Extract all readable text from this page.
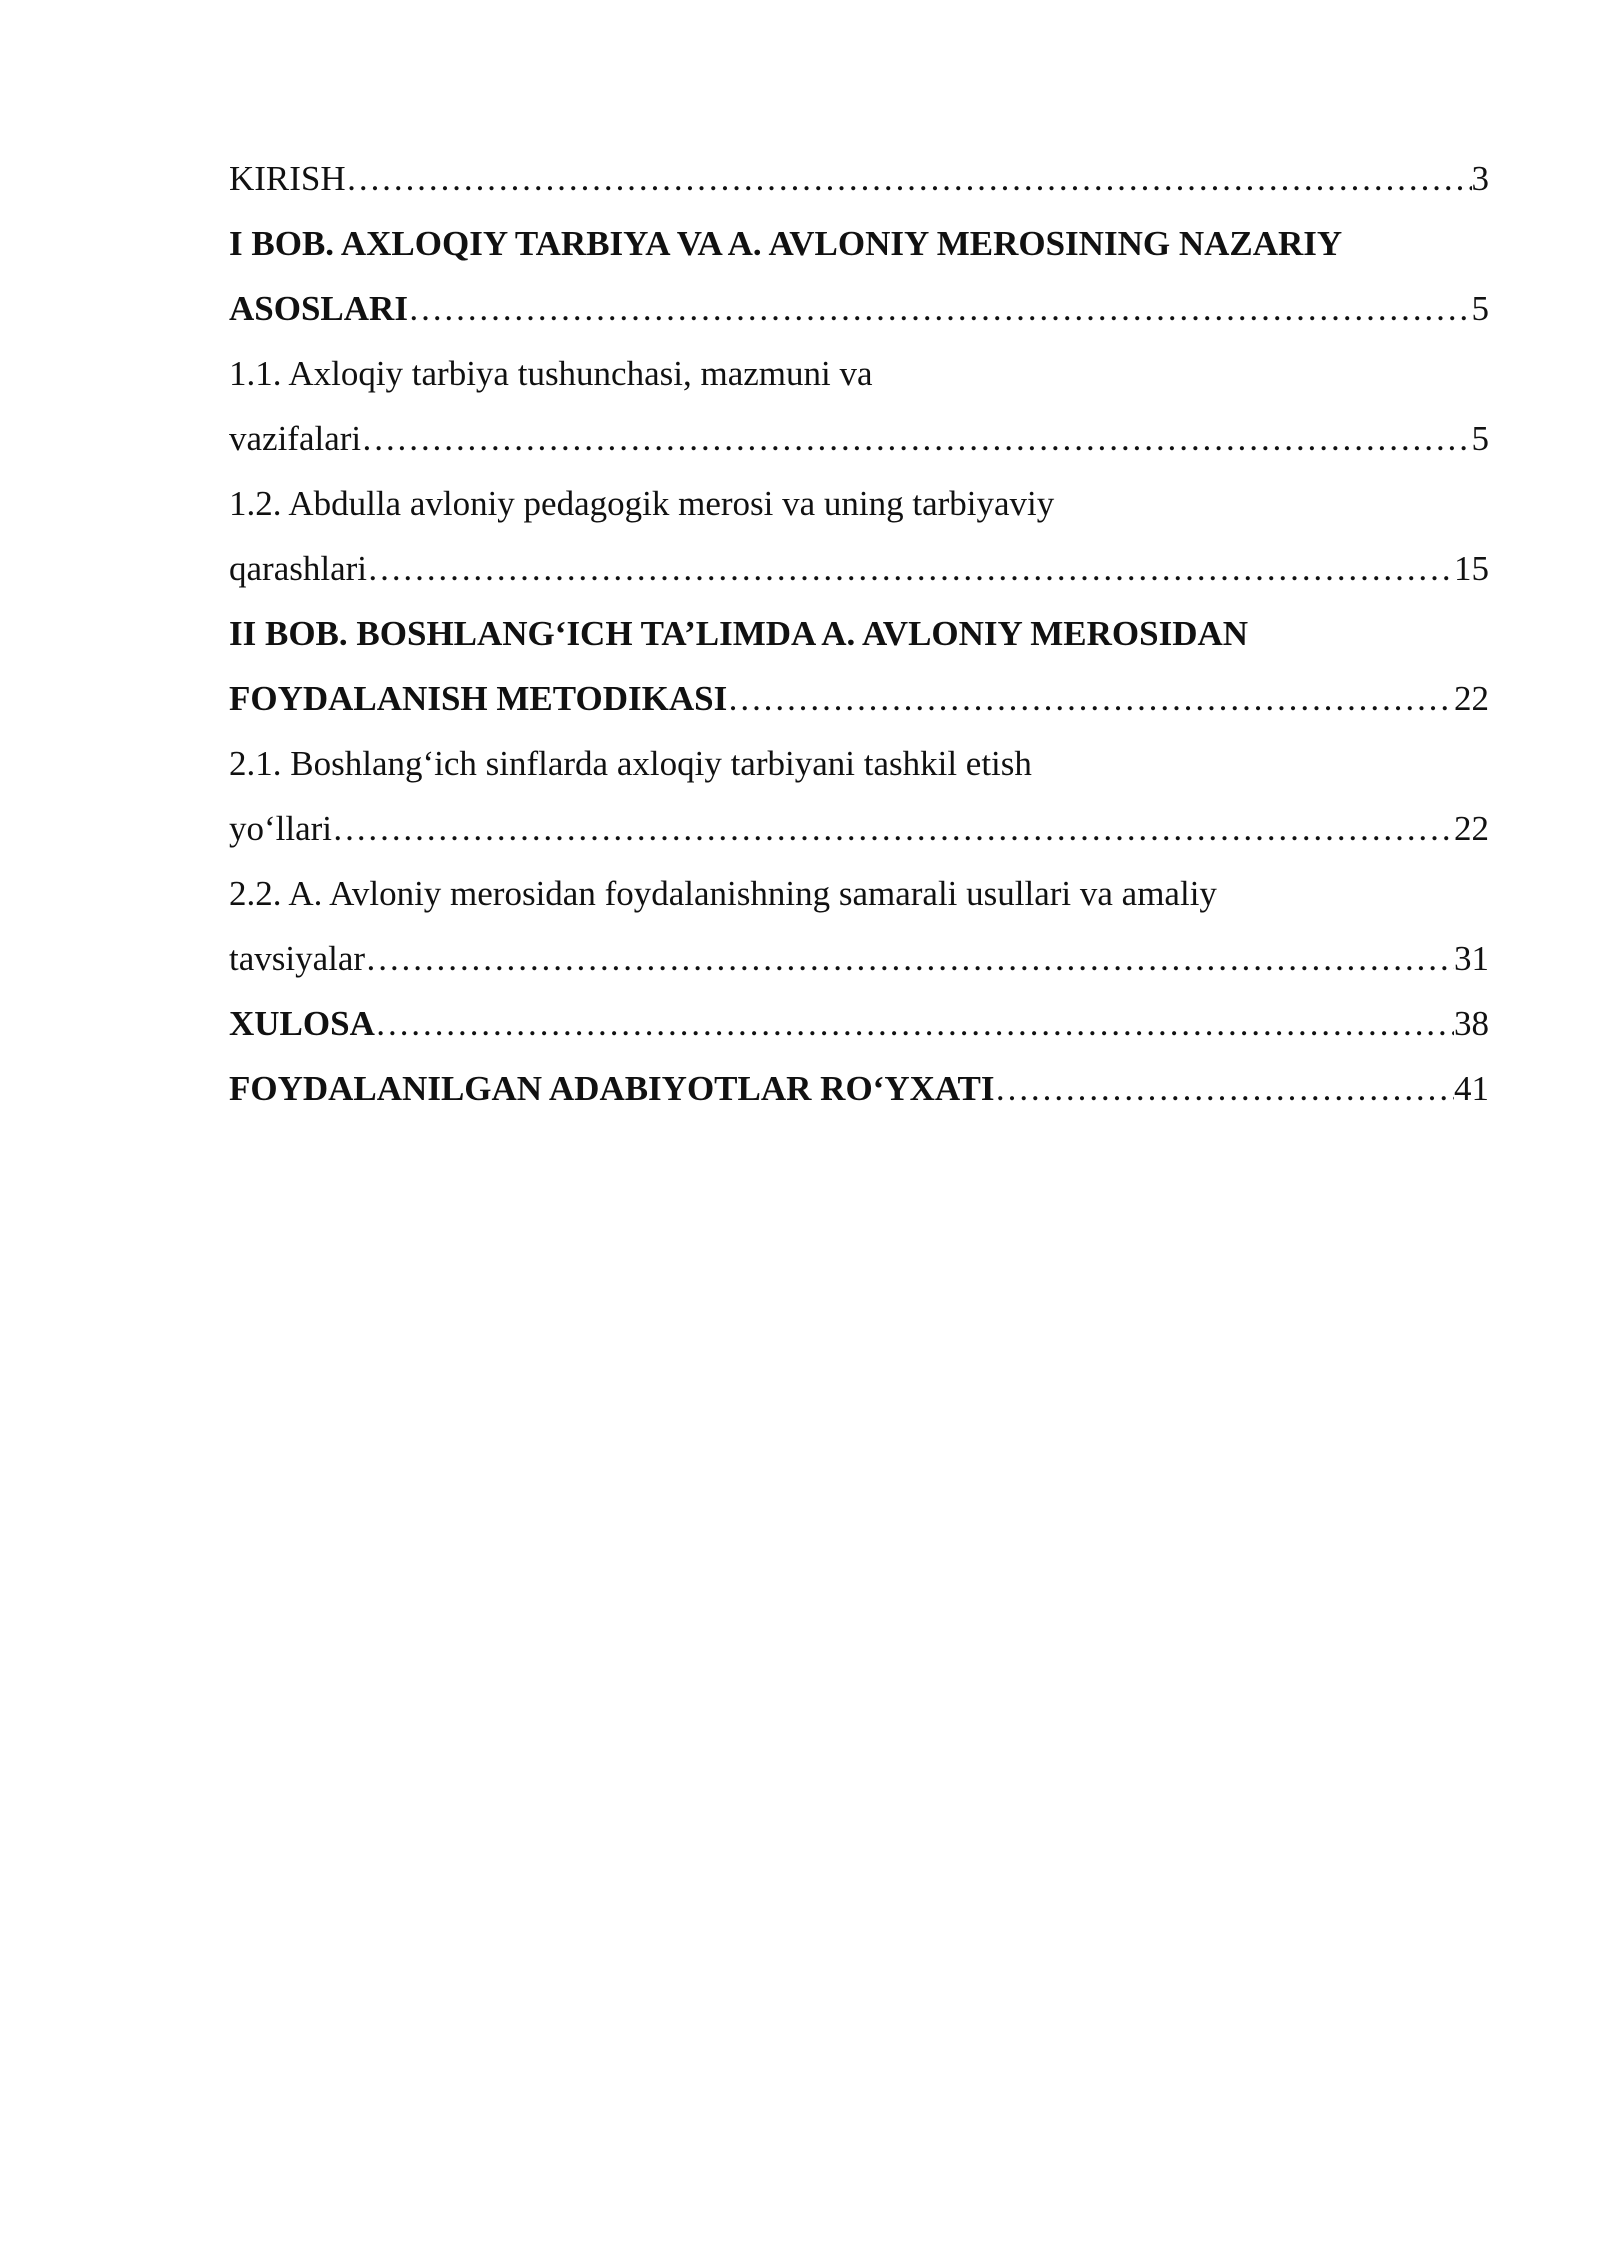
KIRISH …………………………………………………………………………………………………………………………………………………………………………………………………………………………	3
I BOB. AXLOQIY TARBIYA VA A. AVLONIY MEROSINING NAZARIY
ASOSLARI …………………………………………………………………………………………………………………………………………………………………………………………………………………………	5
1.1. Axloqiy tarbiya tushunchasi, mazmuni va
vazifalari …………………………………………………………………………………………………………………………………………………………………………………………………………………………	5
1.2. Abdulla avloniy pedagogik merosi va uning tarbiyaviy
qarashlari …………………………………………………………………………………………………………………………………………………………………………………………………………………………	15
II BOB. BOSHLANG‘ICH TA’LIMDA A. AVLONIY MEROSIDAN
FOYDALANISH METODIKASI …………………………………………………………………………………………………………………………………………………………………………………………………………………………	22
2.1. Boshlang‘ich sinflarda axloqiy tarbiyani tashkil etish
yo‘llari …………………………………………………………………………………………………………………………………………………………………………………………………………………………	22
2.2. A. Avloniy merosidan foydalanishning samarali usullari va amaliy
tavsiyalar …………………………………………………………………………………………………………………………………………………………………………………………………………………………	31
XULOSA …………………………………………………………………………………………………………………………………………………………………………………………………………………………	38
FOYDALANILGAN ADABIYOTLAR RO‘YXATI …………………………………………………………………………………………………………………………………………………………………………………………………………………………	41
